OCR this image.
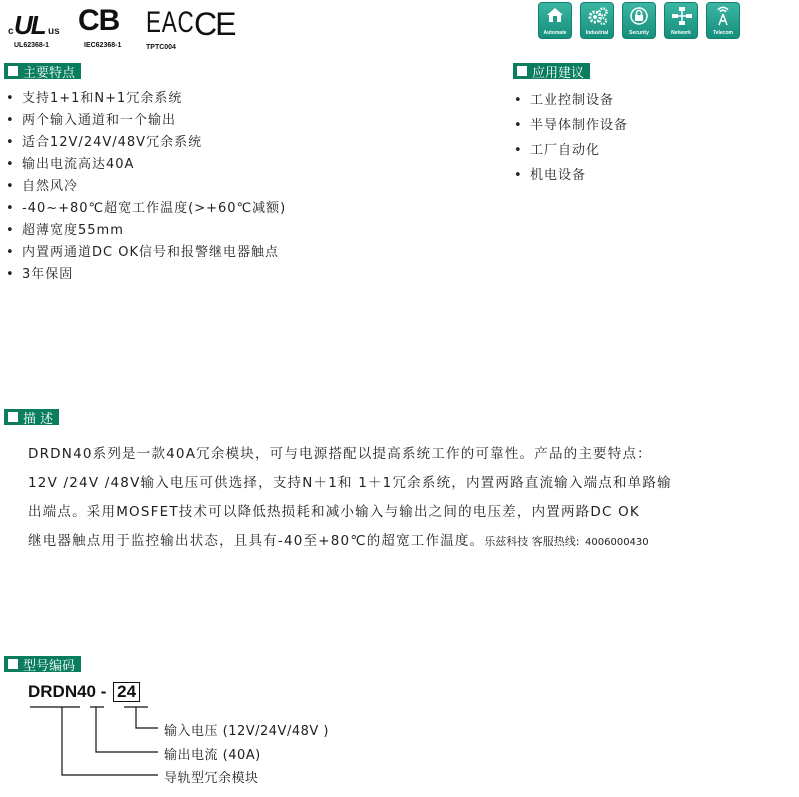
c UL us
UL62368-1
CB
IEC62368-1
EAC
TPTC004
CE	Automate	Industrial	Security	Network	Telecom
主要特点
• 支持1+1和N+1冗余系统
• 两个输入通道和一个输出
• 适合12V/24V/48V冗余系统
• 输出电流高达40A
• 自然风冷
• -40~+80℃超宽工作温度(>+60℃减额)
• 超薄宽度55mm
• 内置两通道DC OK信号和报警继电器触点
• 3年保固
应用建议
• 工业控制设备
• 半导体制作设备
• 工厂自动化
• 机电设备
描 述
DRDN40系列是一款40A冗余模块，可与电源搭配以提高系统工作的可靠性。产品的主要特点：
12V /24V /48V输入电压可供选择，支持N＋1和 1＋1冗余系统，内置两路直流输入端点和单路输
出端点。采用MOSFET技术可以降低热损耗和减小输入与输出之间的电压差，内置两路DC OK
继电器触点用于监控输出状态，且具有-40至+80℃的超宽工作温度。乐兹科技 客服热线: 4006000430
型号编码
DRDN40 - 24
输入电压 (12V/24V/48V )
输出电流 (40A)
导轨型冗余模块
